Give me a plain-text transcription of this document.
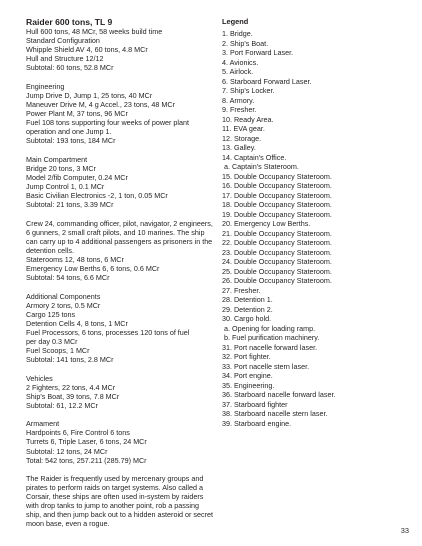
Raider 600 tons, TL 9
Hull 600 tons, 48 MCr, 58 weeks build time
Standard Configuration
Whipple Shield AV 4, 60 tons, 4.8 MCr
Hull and Structure 12/12
Subtotal: 60 tons, 52.8 MCr
Engineering
Jump Drive D, Jump 1, 25 tons, 40 MCr
Maneuver Drive M, 4 g Accel., 23 tons, 48 MCr
Power Plant M, 37 tons, 96 MCr
Fuel 108 tons supporting four weeks of power plant
operation and one Jump 1.
Subtotal: 193 tons, 184 MCr
Main Compartment
Bridge 20 tons, 3 MCr
Model 2/fib Computer, 0.24 MCr
Jump Control 1, 0.1 MCr
Basic Civilian Electronics -2, 1 ton, 0.05 MCr
Subtotal: 21 tons, 3.39 MCr
Crew 24, commanding officer, pilot, navigator, 2 engineers, 6 gunners, 2 small craft pilots, and 10 marines. The ship can carry up to 4 additional passengers as prisoners in the detention cells.
Staterooms 12, 48 tons, 6 MCr
Emergency Low Berths 6, 6 tons, 0.6 MCr
Subtotal: 54 tons, 6.6 MCr
Additional Components
Armory 2 tons, 0.5 MCr
Cargo 125 tons
Detention Cells 4, 8 tons, 1 MCr
Fuel Processors, 6 tons, processes 120 tons of fuel
per day 0.3 MCr
Fuel Scoops, 1 MCr
Subtotal: 141 tons, 2.8 MCr
Vehicles
2 Fighters, 22 tons, 4.4 MCr
Ship's Boat, 39 tons, 7.8 MCr
Subtotal: 61, 12.2 MCr
Armament
Hardpoints 6, Fire Control 6 tons
Turrets 6, Triple Laser, 6 tons, 24 MCr
Subtotal: 12 tons, 24 MCr
Total: 542 tons, 257.211 (285.79) MCr
The Raider is frequently used by mercenary groups and pirates to perform raids on target systems. Also called a Corsair, these ships are often used in-system by raiders with drop tanks to jump to another point, rob a passing ship, and then jump back out to a hidden asteroid or secret moon base, even a rogue.
Legend
1. Bridge.
2. Ship's Boat.
3. Port Forward Laser.
4. Avionics.
5. Airlock.
6. Starboard Forward Laser.
7. Ship's Locker.
8. Armory.
9. Fresher.
10. Ready Area.
11. EVA gear.
12. Storage.
13. Galley.
14. Captain's Office.
a. Captain's Stateroom.
15. Double Occupancy Stateroom.
16. Double Occupancy Stateroom.
17. Double Occupancy Stateroom.
18. Double Occupancy Stateroom.
19. Double Occupancy Stateroom.
20. Emergency Low Berths.
21. Double Occupancy Stateroom.
22. Double Occupancy Stateroom.
23. Double Occupancy Stateroom.
24. Double Occupancy Stateroom.
25. Double Occupancy Stateroom.
26. Double Occupancy Stateroom.
27. Fresher.
28. Detention 1.
29. Detention 2.
30. Cargo hold.
a. Opening for loading ramp.
b. Fuel purification machinery.
31. Port nacelle forward laser.
32. Port fighter.
33. Port nacelle stern laser.
34. Port engine.
35. Engineering.
36. Starboard nacelle forward laser.
37. Starboard fighter
38. Starboard nacelle stern laser.
39. Starboard engine.
33
